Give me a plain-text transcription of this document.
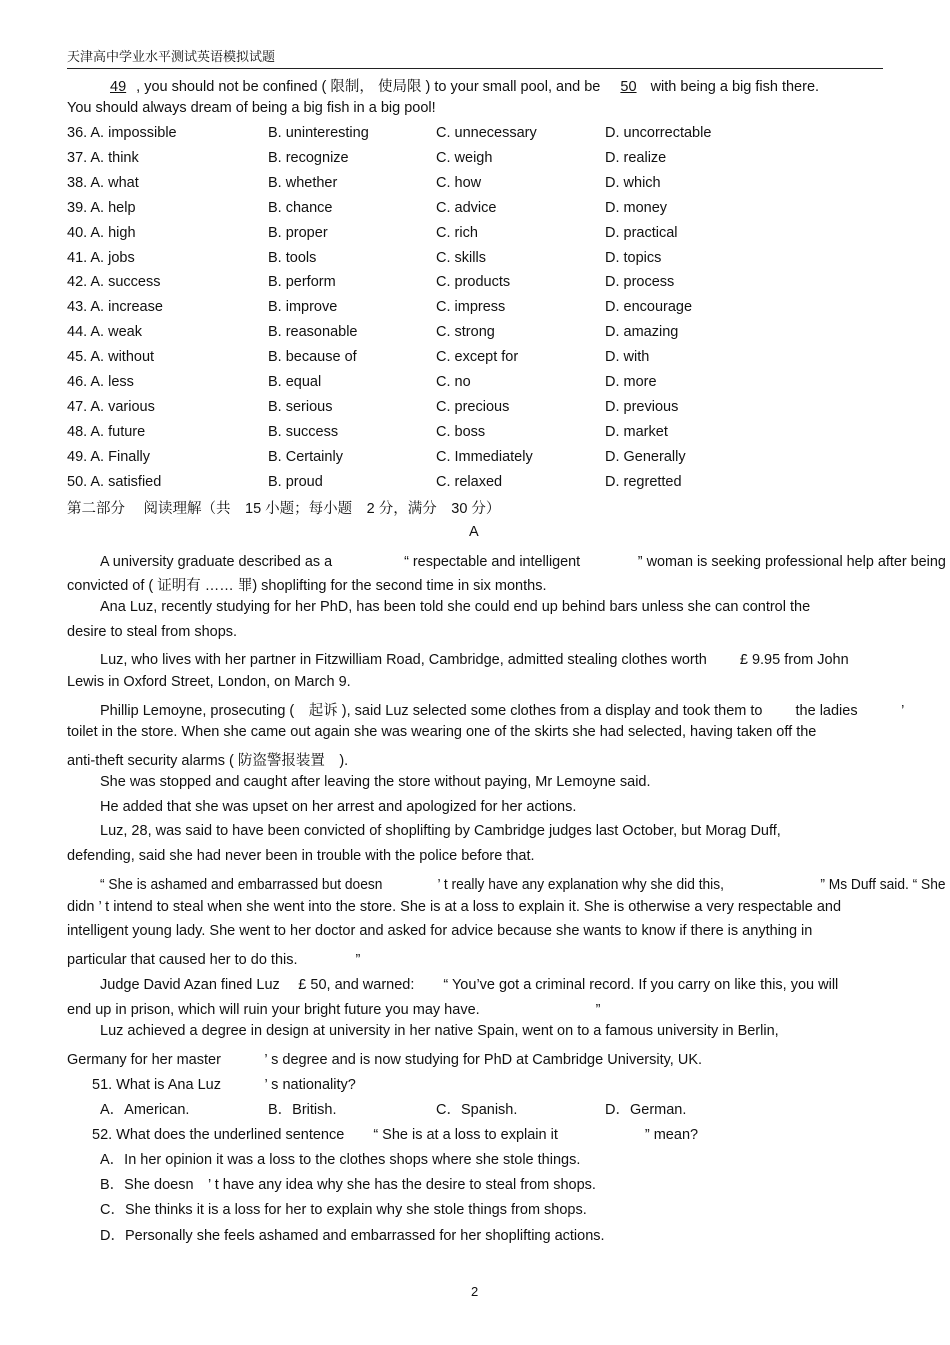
天津高中学业水平测试英语模拟试题
49 , you should not be confined ( 限制， 使局限 ) to your small pool, and be 50 with being a big fish there.
You should always dream of being a big fish in a big pool!
36. A. impossible	B. uninteresting	C. unnecessary	D. uncorrectable
37. A. think	B. recognize	C. weigh	D. realize
38. A. what	B. whether	C. how	D. which
39. A. help	B. chance	C. advice	D. money
40. A. high	B. proper	C. rich	D. practical
41. A. jobs	B. tools	C. skills	D. topics
42. A. success	B. perform	C. products	D. process
43. A. increase	B. improve	C. impress	D. encourage
44. A. weak	B. reasonable	C. strong	D. amazing
45. A. without	B. because of	C. except for	D. with
46. A. less	B. equal	C. no	D. more
47. A. various	B. serious	C. precious	D. previous
48. A. future	B. success	C. boss	D. market
49. A. Finally	B. Certainly	C. Immediately	D. Generally
50. A. satisfied	B. proud	C. relaxed	D. regretted
第二部分　 阅读理解（共　15 小题；每小题　2 分，满分　30 分）
A
A university graduate described as a　　　　　“ respectable and intelligent　　　　” woman is seeking professional help after being
convicted of ( 证明有 …… 罪) shoplifting for the second time in six months.
Ana Luz, recently studying for her PhD, has been told she could end up behind bars unless she can control the
desire to steal from shops.
Luz, who lives with her partner in Fitzwilliam Road, Cambridge, admitted stealing clothes worth　　 £ 9.95 from John
Lewis in Oxford Street, London, on March 9.
Phillip Lemoyne, prosecuting (　起诉 ), said Luz selected some clothes from a display and took them to　　 the ladies　　　’
toilet in the store. When she came out again she was wearing one of the skirts she had selected, having taken off the
anti-theft security alarms ( 防盗警报装置　).
She was stopped and caught after leaving the store without paying, Mr Lemoyne said.
He added that she was upset on her arrest and apologized for her actions.
Luz, 28, was said to have been convicted of shoplifting by Cambridge judges last October, but Morag Duff,
defending, said she had never been in trouble with the police before that.
“ She is ashamed and embarrassed but doesn　　　　’ t really have any explanation why she did this,　　　　　　　” Ms Duff said. “ She
didn ’ t intend to steal when she went into the store. She is at a loss to explain it. She is otherwise a very respectable and
intelligent young lady. She went to her doctor and asked for advice because she wants to know if there is anything in
particular that caused her to do this.　　　　”
Judge David Azan fined Luz　 £ 50, and warned:　　“ You’ve got a criminal record. If you carry on like this, you will
end up in prison, which will ruin your bright future you may have.　　　　　　　　”
Luz achieved a degree in design at university in her native Spain, went on to a famous university in Berlin,
Germany for her master　　　’ s degree and is now studying for PhD at Cambridge University, UK.
51. What is Ana Luz　　　’ s nationality?
A．American.	B．British.	C．Spanish.	D．German.
52. What does the underlined sentence　　“ She is at a loss to explain it　　　　　　” mean?
A．In her opinion it was a loss to the clothes shops where she stole things.
B．She doesn　’ t have any idea why she has the desire to steal from shops.
C．She thinks it is a loss for her to explain why she stole things from shops.
D．Personally she feels ashamed and embarrassed for her shoplifting actions.
2
